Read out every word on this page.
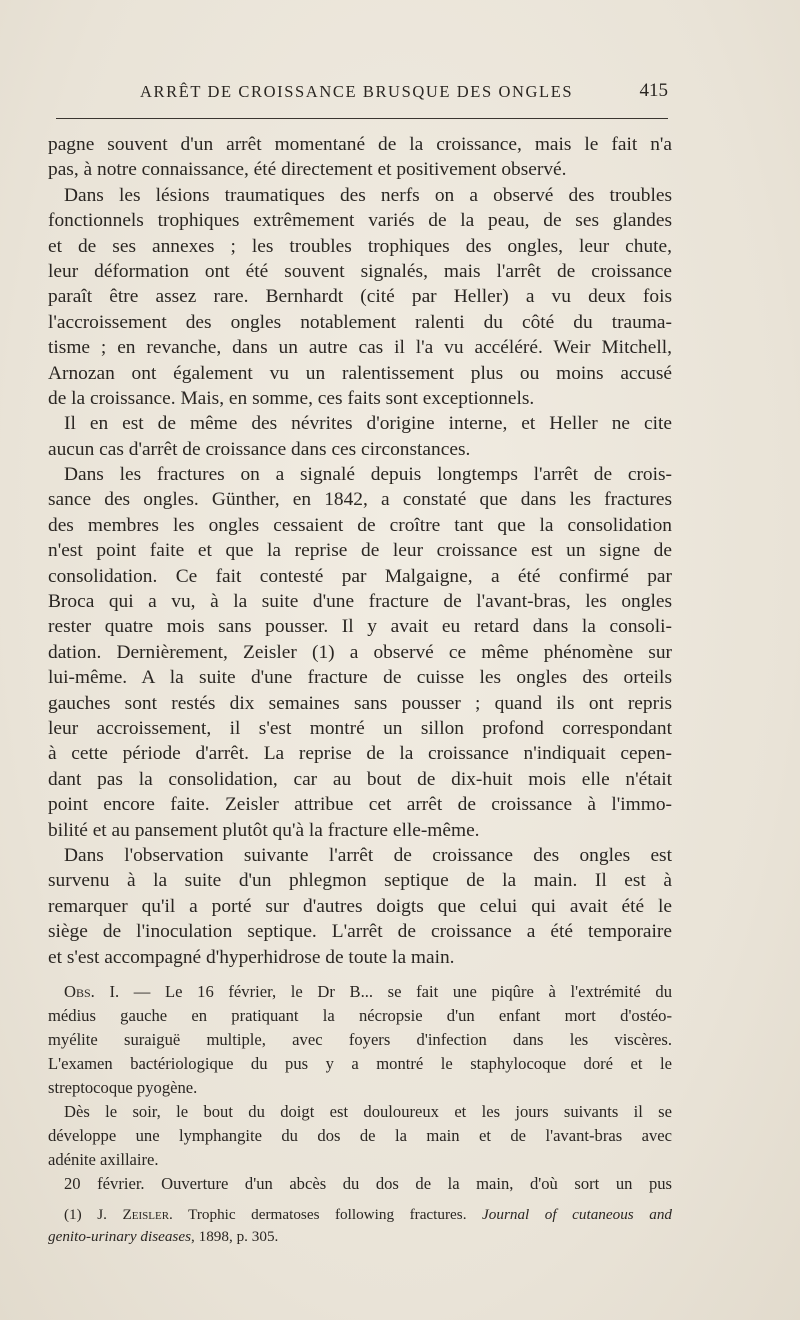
ARRÊT DE CROISSANCE BRUSQUE DES ONGLES	415
pagne souvent d'un arrêt momentané de la croissance, mais le fait n'a
pas, à notre connaissance, été directement et positivement observé.
Dans les lésions traumatiques des nerfs on a observé des troubles
fonctionnels trophiques extrêmement variés de la peau, de ses glandes
et de ses annexes ; les troubles trophiques des ongles, leur chute,
leur déformation ont été souvent signalés, mais l'arrêt de croissance
paraît être assez rare. Bernhardt (cité par Heller) a vu deux fois
l'accroissement des ongles notablement ralenti du côté du trauma-
tisme ; en revanche, dans un autre cas il l'a vu accéléré. Weir Mitchell,
Arnozan ont également vu un ralentissement plus ou moins accusé
de la croissance. Mais, en somme, ces faits sont exceptionnels.
Il en est de même des névrites d'origine interne, et Heller ne cite
aucun cas d'arrêt de croissance dans ces circonstances.
Dans les fractures on a signalé depuis longtemps l'arrêt de crois-
sance des ongles. Günther, en 1842, a constaté que dans les fractures
des membres les ongles cessaient de croître tant que la consolidation
n'est point faite et que la reprise de leur croissance est un signe de
consolidation. Ce fait contesté par Malgaigne, a été confirmé par
Broca qui a vu, à la suite d'une fracture de l'avant-bras, les ongles
rester quatre mois sans pousser. Il y avait eu retard dans la consoli-
dation. Dernièrement, Zeisler (1) a observé ce même phénomène sur
lui-même. A la suite d'une fracture de cuisse les ongles des orteils
gauches sont restés dix semaines sans pousser ; quand ils ont repris
leur accroissement, il s'est montré un sillon profond correspondant
à cette période d'arrêt. La reprise de la croissance n'indiquait cepen-
dant pas la consolidation, car au bout de dix-huit mois elle n'était
point encore faite. Zeisler attribue cet arrêt de croissance à l'immo-
bilité et au pansement plutôt qu'à la fracture elle-même.
Dans l'observation suivante l'arrêt de croissance des ongles est
survenu à la suite d'un phlegmon septique de la main. Il est à
remarquer qu'il a porté sur d'autres doigts que celui qui avait été le
siège de l'inoculation septique. L'arrêt de croissance a été temporaire
et s'est accompagné d'hyperhidrose de toute la main.
Obs. I. — Le 16 février, le Dr B... se fait une piqûre à l'extrémité du
médius gauche en pratiquant la nécropsie d'un enfant mort d'ostéo-
myélite suraiguë multiple, avec foyers d'infection dans les viscères.
L'examen bactériologique du pus y a montré le staphylocoque doré et le
streptocoque pyogène.
Dès le soir, le bout du doigt est douloureux et les jours suivants il se
développe une lymphangite du dos de la main et de l'avant-bras avec
adénite axillaire.
20 février. Ouverture d'un abcès du dos de la main, d'où sort un pus
(1) J. Zeisler. Trophic dermatoses following fractures. Journal of cutaneous and
genito-urinary diseases, 1898, p. 305.
